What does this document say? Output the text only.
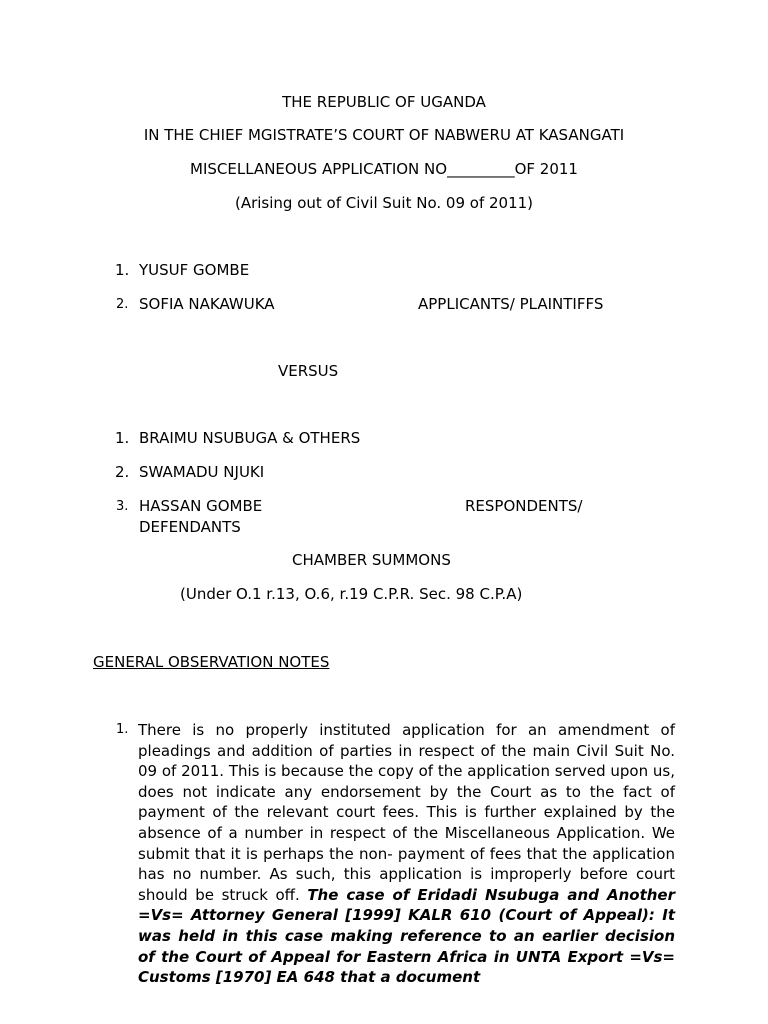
THE REPUBLIC OF UGANDA
IN THE CHIEF MGISTRATE’S COURT OF NABWERU AT KASANGATI
MISCELLANEOUS APPLICATION NO_________OF 2011
(Arising out of Civil Suit No. 09 of 2011)
1. YUSUF GOMBE
2. SOFIA NAKAWUKA	APPLICANTS/ PLAINTIFFS
VERSUS
1. BRAIMU NSUBUGA & OTHERS
2. SWAMADU NJUKI
3. HASSAN GOMBE	RESPONDENTS/
DEFENDANTS
CHAMBER SUMMONS
(Under O.1 r.13, O.6, r.19 C.P.R. Sec. 98 C.P.A)
GENERAL OBSERVATION NOTES
1. There is no properly instituted application for an amendment of pleadings and addition of parties in respect of the main Civil Suit No. 09 of 2011. This is because the copy of the application served upon us, does not indicate any endorsement by the Court as to the fact of payment of the relevant court fees. This is further explained by the absence of a number in respect of the Miscellaneous Application. We submit that it is perhaps the non- payment of fees that the application has no number. As such, this application is improperly before court should be struck off. The case of Eridadi Nsubuga and Another =Vs= Attorney General [1999] KALR 610 (Court of Appeal): It was held in this case making reference to an earlier decision of the Court of Appeal for Eastern Africa in UNTA Export =Vs= Customs [1970] EA 648 that a document
